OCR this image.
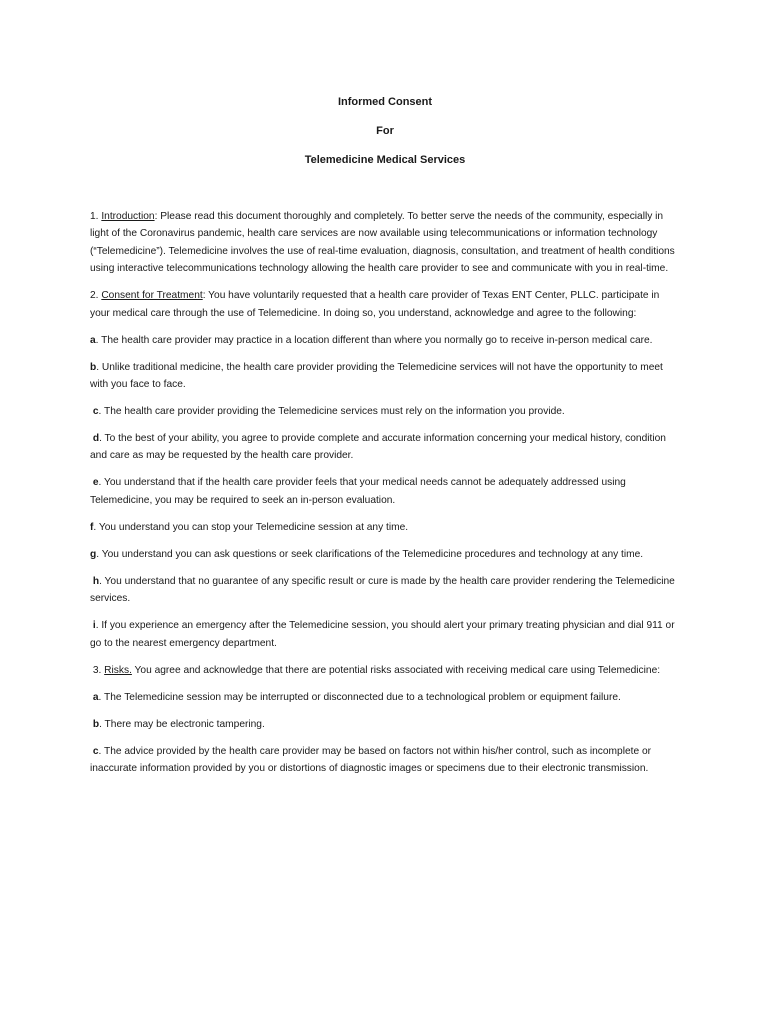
Informed Consent
For
Telemedicine Medical Services

1. Introduction: Please read this document thoroughly and completely. To better serve the needs of the community, especially in light of the Coronavirus pandemic, health care services are now available using telecommunications or information technology (“Telemedicine”). Telemedicine involves the use of real-time evaluation, diagnosis, consultation, and treatment of health conditions using interactive telecommunications technology allowing the health care provider to see and communicate with you in real-time.

2. Consent for Treatment: You have voluntarily requested that a health care provider of Texas ENT Center, PLLC. participate in your medical care through the use of Telemedicine. In doing so, you understand, acknowledge and agree to the following:

a. The health care provider may practice in a location different than where you normally go to receive in-person medical care.

b. Unlike traditional medicine, the health care provider providing the Telemedicine services will not have the opportunity to meet with you face to face.

c. The health care provider providing the Telemedicine services must rely on the information you provide.

d. To the best of your ability, you agree to provide complete and accurate information concerning your medical history, condition and care as may be requested by the health care provider.

e. You understand that if the health care provider feels that your medical needs cannot be adequately addressed using Telemedicine, you may be required to seek an in-person evaluation.

f. You understand you can stop your Telemedicine session at any time.

g. You understand you can ask questions or seek clarifications of the Telemedicine procedures and technology at any time.

h. You understand that no guarantee of any specific result or cure is made by the health care provider rendering the Telemedicine services.

i. If you experience an emergency after the Telemedicine session, you should alert your primary treating physician and dial 911 or go to the nearest emergency department.

3. Risks. You agree and acknowledge that there are potential risks associated with receiving medical care using Telemedicine:

a. The Telemedicine session may be interrupted or disconnected due to a technological problem or equipment failure.

b. There may be electronic tampering.

c. The advice provided by the health care provider may be based on factors not within his/her control, such as incomplete or inaccurate information provided by you or distortions of diagnostic images or specimens due to their electronic transmission.
